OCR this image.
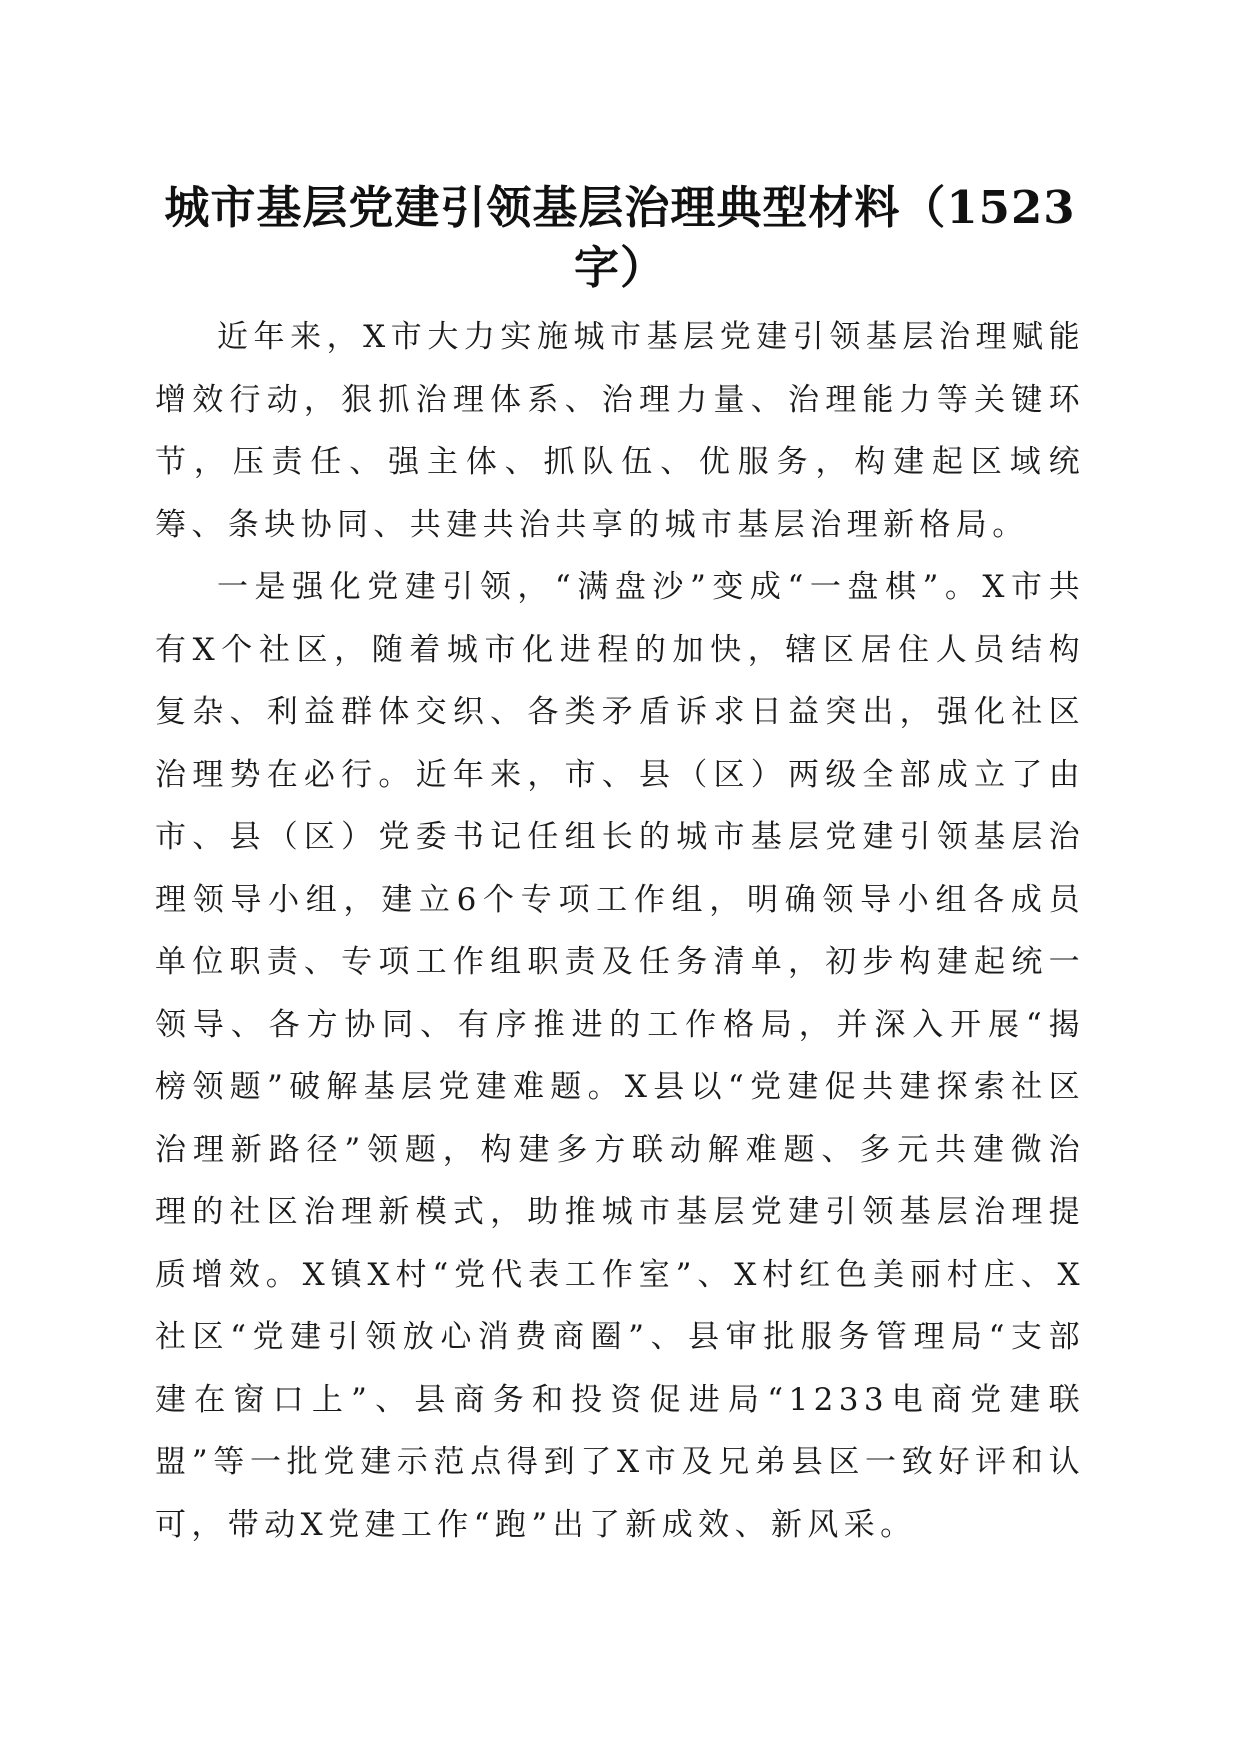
城市基层党建引领基层治理典型材料（1523字）

近年来，X市大力实施城市基层党建引领基层治理赋能增效行动，狠抓治理体系、治理力量、治理能力等关键环节，压责任、强主体、抓队伍、优服务，构建起区域统筹、条块协同、共建共治共享的城市基层治理新格局。

一是强化党建引领，“满盘沙”变成“一盘棋”。X市共有X个社区，随着城市化进程的加快，辖区居住人员结构复杂、利益群体交织、各类矛盾诉求日益突出，强化社区治理势在必行。近年来，市、县（区）两级全部成立了由市、县（区）党委书记任组长的城市基层党建引领基层治理领导小组，建立6个专项工作组，明确领导小组各成员单位职责、专项工作组职责及任务清单，初步构建起统一领导、各方协同、有序推进的工作格局，并深入开展“揭榜领题”破解基层党建难题。X县以“党建促共建探索社区治理新路径”领题，构建多方联动解难题、多元共建微治理的社区治理新模式，助推城市基层党建引领基层治理提质增效。X镇X村“党代表工作室”、X村红色美丽村庄、X社区“党建引领放心消费商圈”、县审批服务管理局“支部建在窗口上”、县商务和投资促进局“1233电商党建联盟”等一批党建示范点得到了X市及兄弟县区一致好评和认可，带动X党建工作“跑”出了新成效、新风采。
